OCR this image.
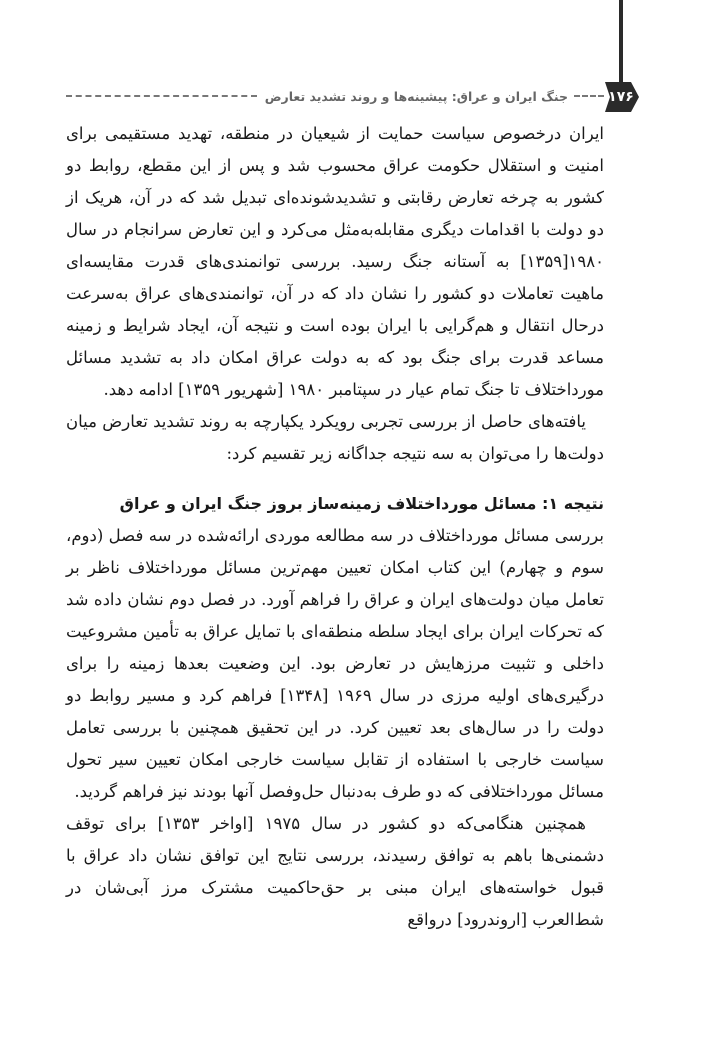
۱۷۶
جنگ ایران و عراق: پیشینه‌ها و روند تشدید تعارض

ایران درخصوص سیاست حمایت از شیعیان در منطقه، تهدید مستقیمی برای امنیت و استقلال حکومت عراق محسوب شد و پس از این مقطع، روابط دو کشور به چرخه تعارض رقابتی و تشدیدشونده‌ای تبدیل شد که در آن، هریک از دو دولت با اقدامات دیگری مقابله‌به‌مثل می‌کرد و این تعارض سرانجام در سال ۱۹۸۰[۱۳۵۹] به آستانه جنگ رسید. بررسی توانمندی‌های قدرت مقایسه‌ای ماهیت تعاملات دو کشور را نشان داد که در آن، توانمندی‌های عراق به‌سرعت درحال انتقال و هم‌گرایی با ایران بوده است و نتیجه آن، ایجاد شرایط و زمینه مساعد قدرت برای جنگ بود که به دولت عراق امکان داد به تشدید مسائل مورداختلاف تا جنگ تمام عیار در سپتامبر ۱۹۸۰ [شهریور ۱۳۵۹] ادامه دهد.

یافته‌های حاصل از بررسی تجربی رویکرد یکپارچه به روند تشدید تعارض میان دولت‌ها را می‌توان به سه نتیجه جداگانه زیر تقسیم کرد:

نتیجه ۱: مسائل مورداختلاف زمینه‌ساز بروز جنگ ایران و عراق

بررسی مسائل مورداختلاف در سه مطالعه موردی ارائه‌شده در سه فصل (دوم، سوم و چهارم) این کتاب امکان تعیین مهم‌ترین مسائل مورداختلاف ناظر بر تعامل میان دولت‌های ایران و عراق را فراهم آورد. در فصل دوم نشان داده شد که تحرکات ایران برای ایجاد سلطه منطقه‌ای با تمایل عراق به تأمین مشروعیت داخلی و تثبیت مرزهایش در تعارض بود. این وضعیت بعدها زمینه را برای درگیری‌های اولیه مرزی در سال ۱۹۶۹ [۱۳۴۸] فراهم کرد و مسیر روابط دو دولت را در سال‌های بعد تعیین کرد. در این تحقیق همچنین با بررسی تعامل سیاست خارجی با استفاده از تقابل سیاست خارجی امکان تعیین سیر تحول مسائل مورداختلافی که دو طرف به‌دنبال حل‌وفصل آنها بودند نیز فراهم گردید.

همچنین هنگامی‌که دو کشور در سال ۱۹۷۵ [اواخر ۱۳۵۳] برای توقف دشمنی‌ها باهم به توافق رسیدند، بررسی نتایج این توافق نشان داد عراق با قبول خواسته‌های ایران مبنی بر حق‌حاکمیت مشترک مرز آبی‌شان در شط‌العرب [اروندرود] درواقع
